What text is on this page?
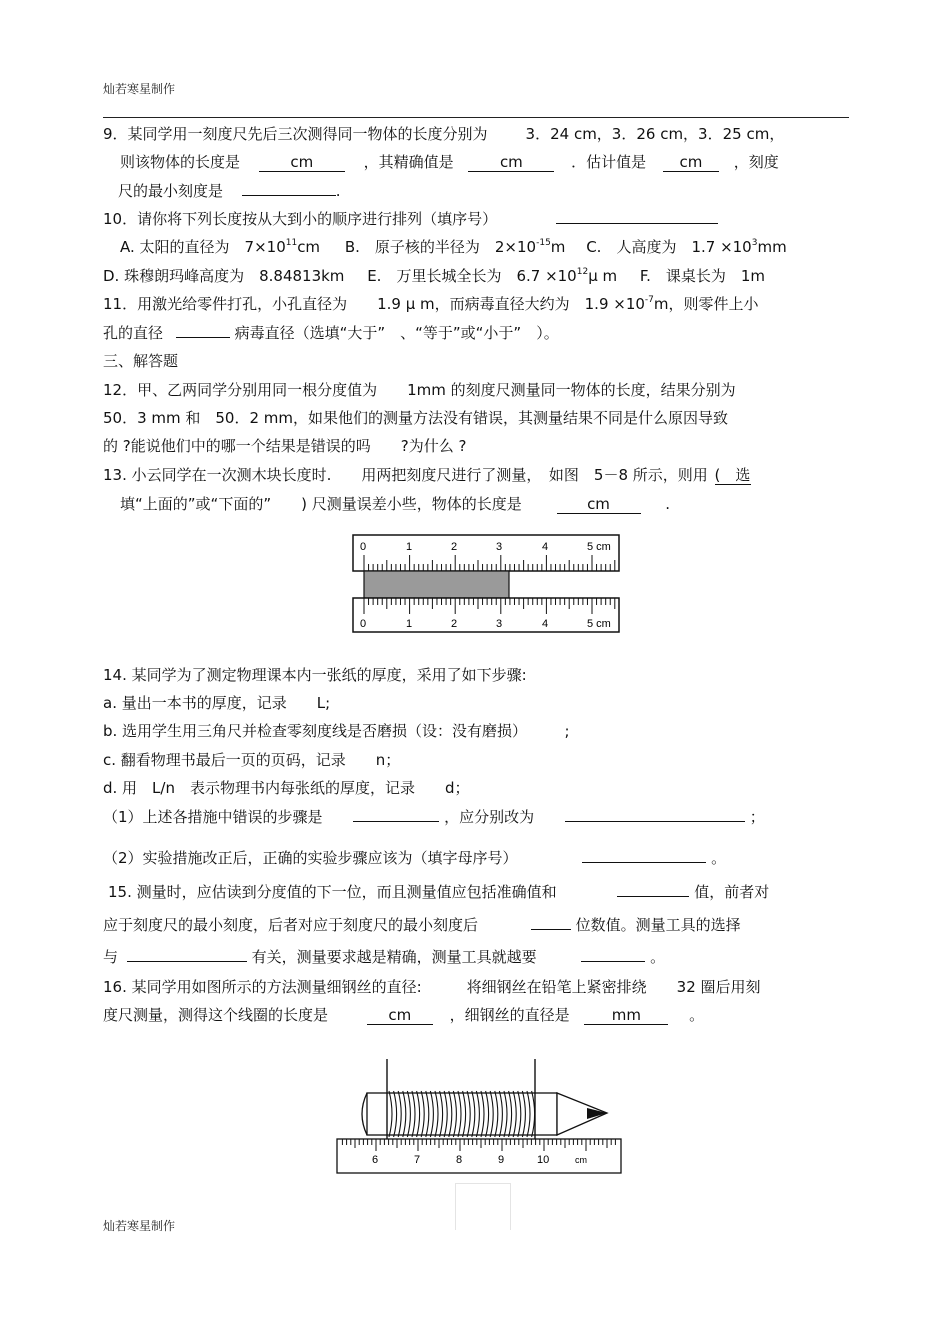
灿若寒星制作
9．某同学用一刻度尺先后三次测得同一物体的长度分别为	3．24 cm，3．26 cm，3．25 cm，
则该物体的长度是	cm	，其精确值是	cm	．估计值是 cm ，刻度
尺的最小刻度是	.
10．请你将下列长度按从大到小的顺序进行排列（填序号）
A. 太阳的直径为　$7\times 10^{11}cm$ B.　原子核的半径为　$2\times 10^{-15}m$ C.　人高度为　$1.7 \times 10^3mm$
D. 珠穆朗玛峰高度为　8.84813km E.　万里长城全长为　$6.7 \times 10^{12}\mu$ m F.　课桌长为　1m
11．用激光给零件打孔，小孔直径为　　1.9 μ m，而病毒直径大约为　$1.9 \times 10^{-7}m$，则零件上小
孔的直径	病毒直径（选填“大于”　、“等于”或“小于”　）。
三、解答题
12．甲、乙两同学分别用同一根分度值为　　1mm 的刻度尺测量同一物体的长度，结果分别为
50．3 mm 和　50．2 mm，如果他们的测量方法没有错误，其测量结果不同是什么原因导致
的 ?能说他们中的哪一个结果是错误的吗　　?为什么 ?
13. 小云同学在一次测木块长度时.　　用两把刻度尺进行了测量，　如图　5－8 所示，则用 (　选
填“上面的”或“下面的”　　) 尺测量误差小些，物体的长度是	cm	.
0	1	2	3	4	5 cm
0	1	2	3	4	5 cm
14. 某同学为了测定物理课本内一张纸的厚度，采用了如下步骤:
a. 量出一本书的厚度，记录　　L;
b. 选用学生用三角尺并检查零刻度线是否磨损（设：没有磨损）　　　;
c. 翻看物理书最后一页的页码，记录　　n；
d. 用　L/n　表示物理书内每张纸的厚度，记录　　d；
（1）上述各措施中错误的步骤是	，应分别改为	；
（2）实验措施改正后，正确的实验步骤应该为（填字母序号）	。
15. 测量时，应估读到分度值的下一位，而且测量值应包括准确值和	值，前者对
应于刻度尺的最小刻度，后者对应于刻度尺的最小刻度后	位数值。测量工具的选择
与	有关，测量要求越是精确，测量工具就越要	。
16. 某同学用如图所示的方法测量细钢丝的直径:　　　将细钢丝在铅笔上紧密排绕　　32 圈后用刻
度尺测量，测得这个线圈的长度是	cm	，细钢丝的直径是	mm	。
6	7	8	9	10	cm
灿若寒星制作
